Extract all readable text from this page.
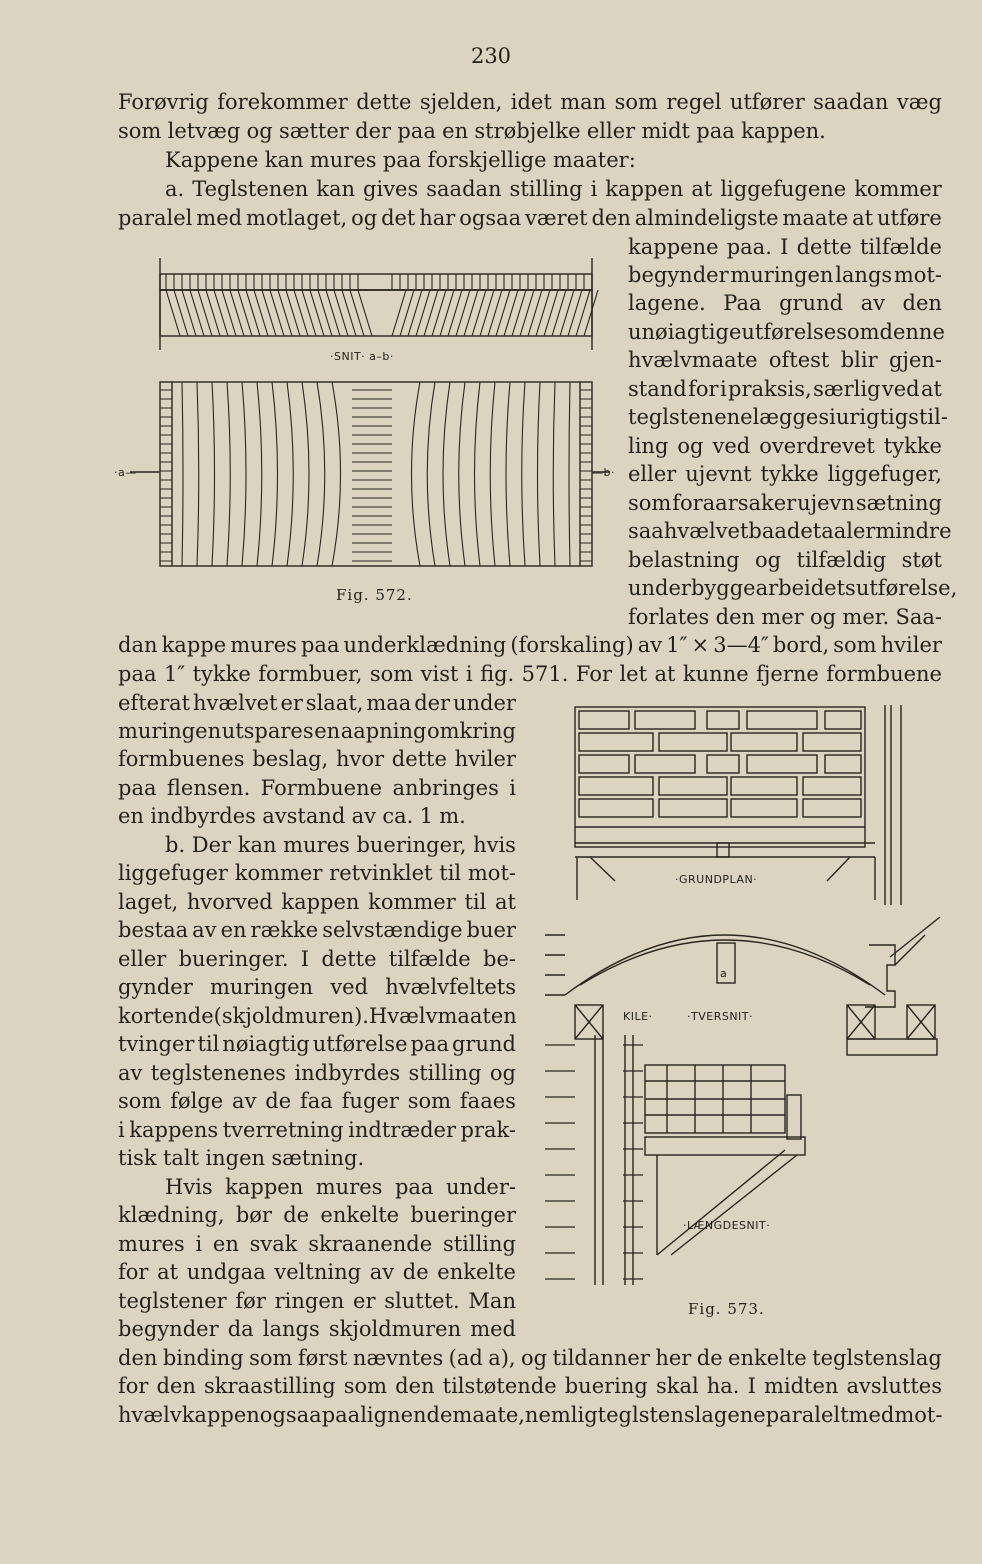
230
Forøvrig forekommer dette sjelden, idet man som regel utfører saadan væg
som letvæg og sætter der paa en strøbjelke eller midt paa kappen.
Kappene kan mures paa forskjellige maater:
a. Teglstenen kan gives saadan stilling i kappen at liggefugene kommer
paralel med motlaget, og det har ogsaa været den almindeligste maate at utføre
kappene paa. I dette tilfælde
begynder muringen langs mot-
lagene. Paa grund av den
unøiagtige utførelse som denne
hvælvmaate oftest blir gjen-
stand for i praksis, særlig ved at
teglstenene lægges i urigtig stil-
ling og ved overdrevet tykke
eller ujevnt tykke liggefuger,
som foraarsaker ujevn sætning
saa hvælvet baade taaler mindre
belastning og tilfældig støt
under byggearbeidets utførelse,
forlates den mer og mer. Saa-
dan kappe mures paa underklædning (forskaling) av 1″ × 3—4″ bord, som hviler
paa 1″ tykke formbuer, som vist i fig. 571. For let at kunne fjerne formbuene
efterat hvælvet er slaat, maa der under
muringen utspares en aapning omkring
formbuenes beslag, hvor dette hviler
paa flensen. Formbuene anbringes i
en indbyrdes avstand av ca. 1 m.
b. Der kan mures bueringer, hvis
liggefuger kommer retvinklet til mot-
laget, hvorved kappen kommer til at
bestaa av en række selvstændige buer
eller bueringer. I dette tilfælde be-
gynder muringen ved hvælvfeltets
kortende (skjoldmuren). Hvælvmaaten
tvinger til nøiagtig utførelse paa grund
av teglstenenes indbyrdes stilling og
som følge av de faa fuger som faaes
i kappens tverretning indtræder prak-
tisk talt ingen sætning.
Hvis kappen mures paa under-
klædning, bør de enkelte bueringer
mures i en svak skraanende stilling
for at undgaa veltning av de enkelte
teglstener før ringen er sluttet. Man
begynder da langs skjoldmuren med
den binding som først nævntes (ad a), og tildanner her de enkelte teglstenslag
for den skraastilling som den tilstøtende buering skal ha. I midten avsluttes
hvælvkappen ogsaa paa lignende maate, nemlig teglstenslagene paralelt med mot-
·SNIT· a–b·
·a—	—b·
Fig. 572.
·GRUNDPLAN·
KILE·	·TVERSNIT·
·LÆNGDESNIT·
a
Fig. 573.
